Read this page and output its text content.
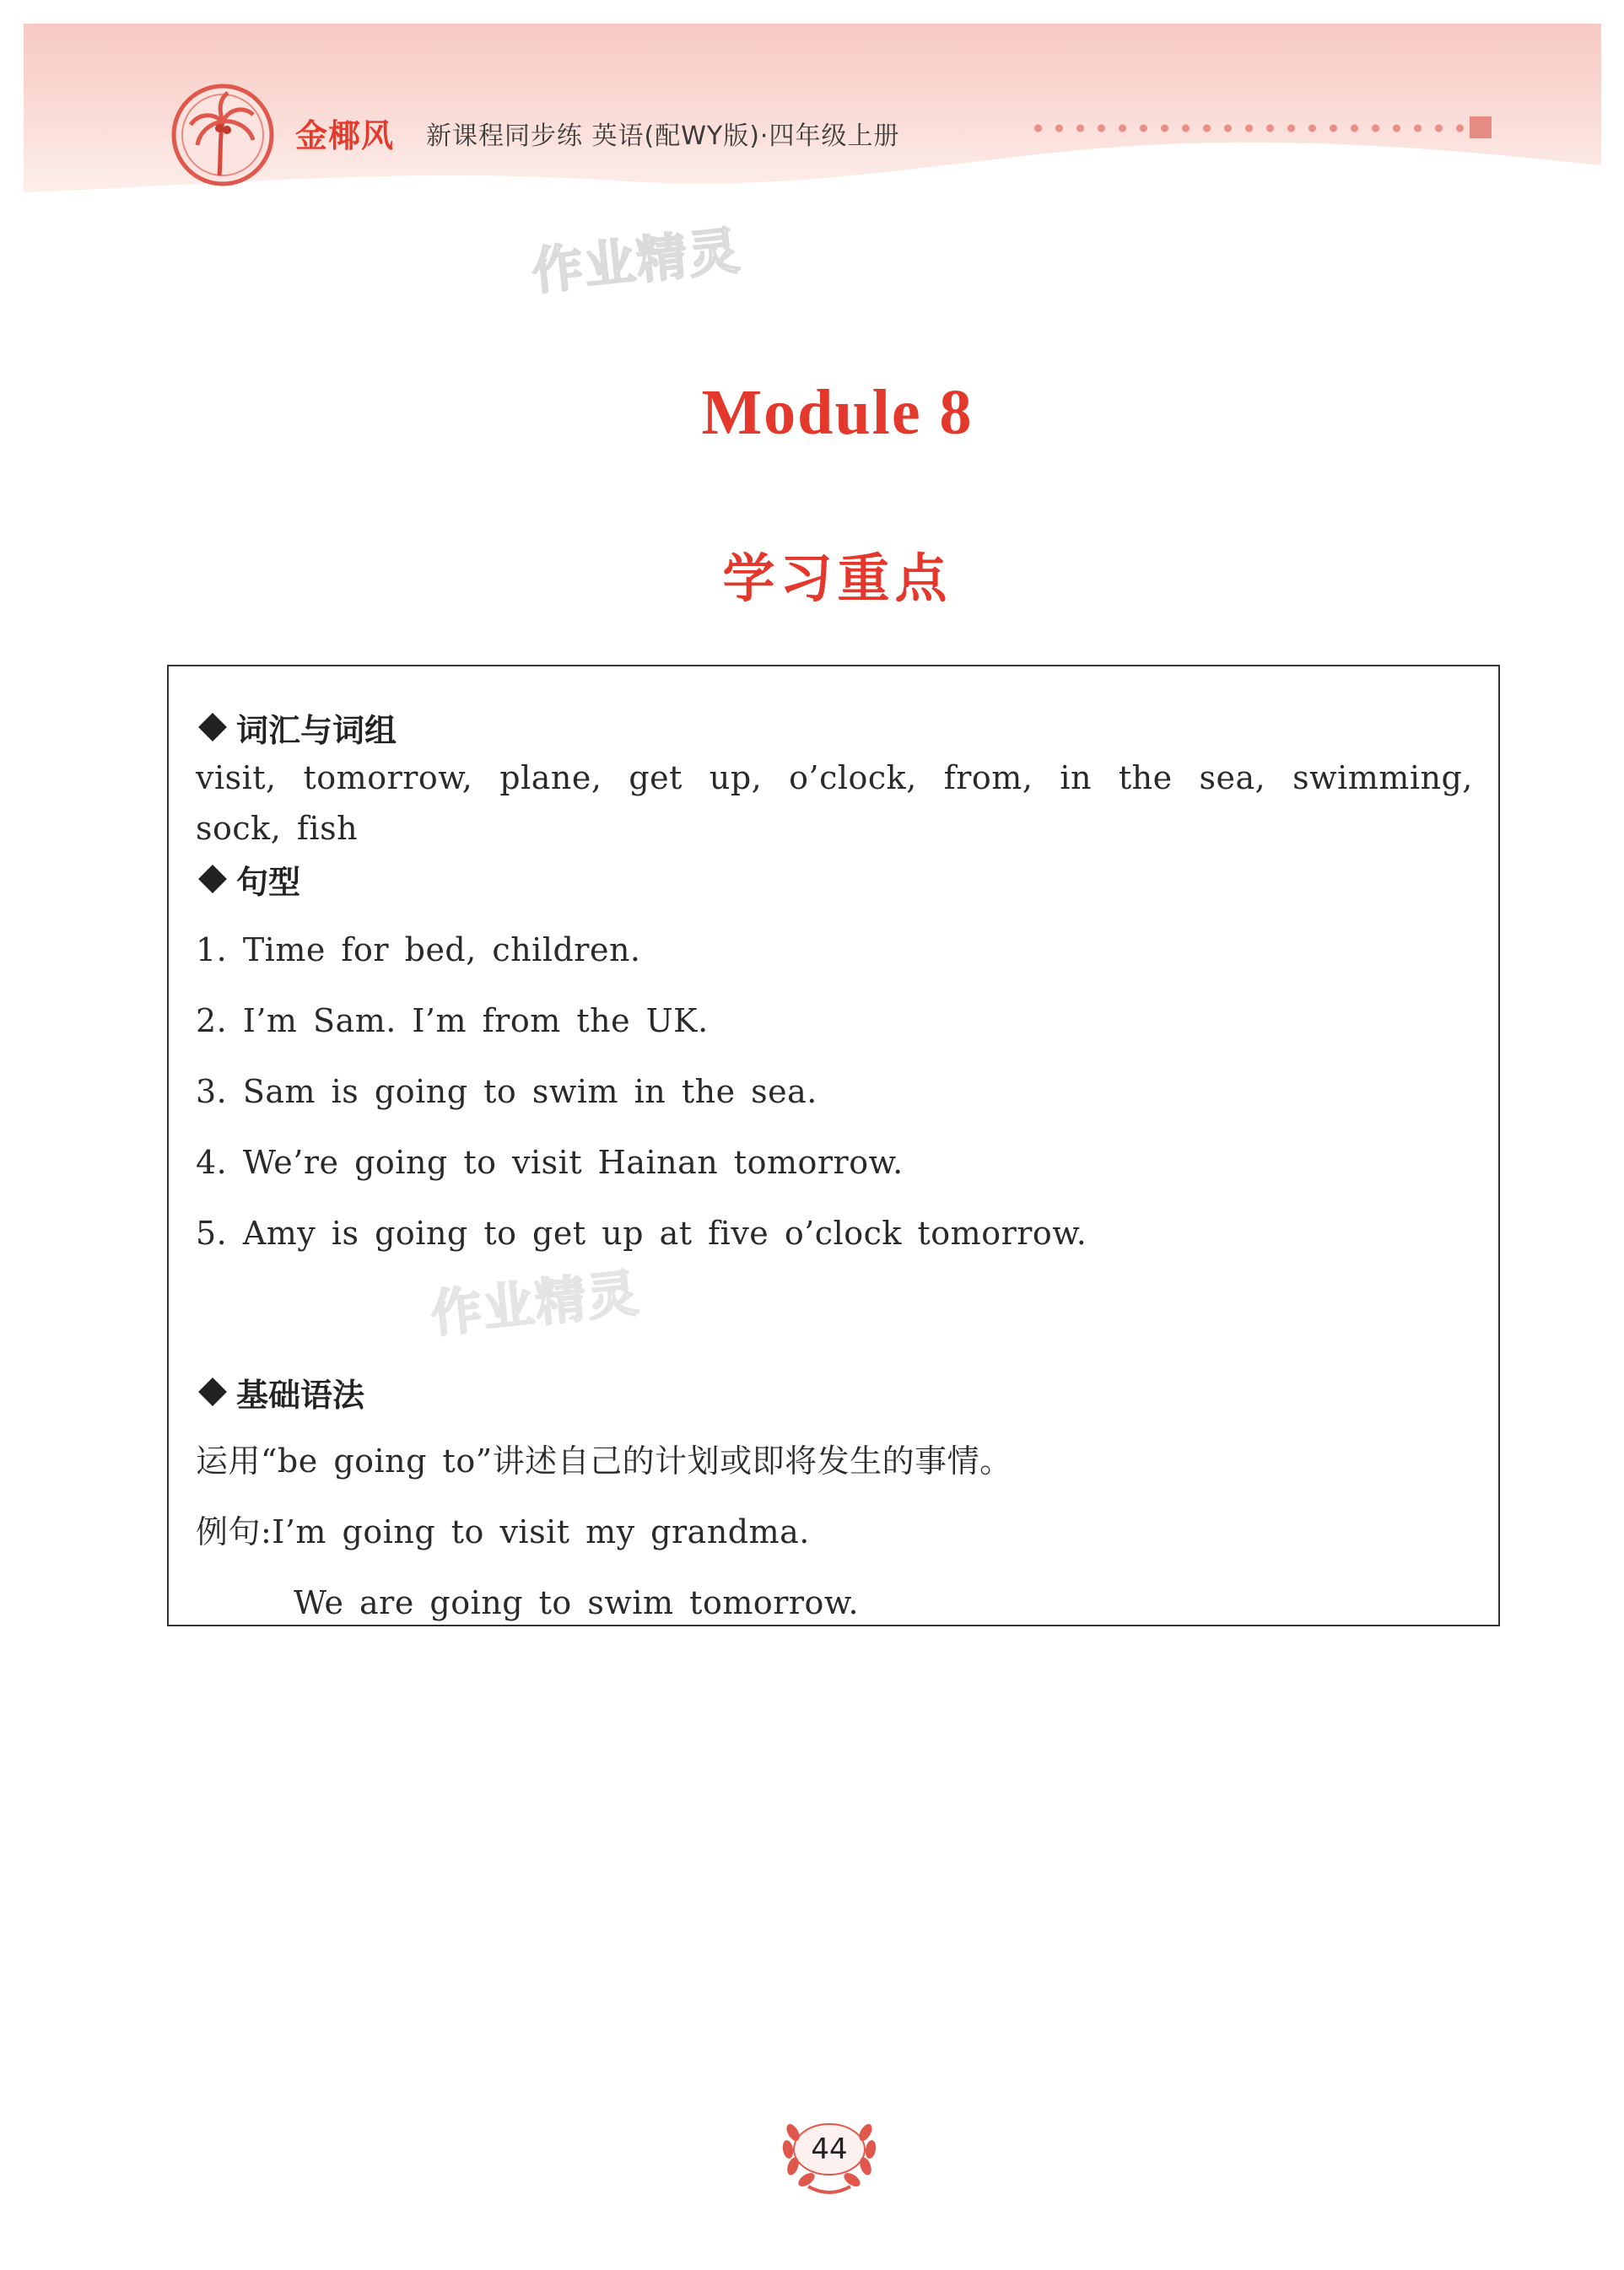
金椰风 新课程同步练 英语(配WY版)·四年级上册
作业精灵
作业精灵
Module 8
学习重点
词汇与词组
visit, tomorrow, plane, get up, o’clock, from, in the sea, swimming,
sock, fish
句型
1. Time for bed, children.
2. I’m Sam. I’m from the UK.
3. Sam is going to swim in the sea.
4. We’re going to visit Hainan tomorrow.
5. Amy is going to get up at five o’clock tomorrow.
基础语法
运用“be going to”讲述自己的计划或即将发生的事情。
例句:I’m going to visit my grandma.
We are going to swim tomorrow.
44
